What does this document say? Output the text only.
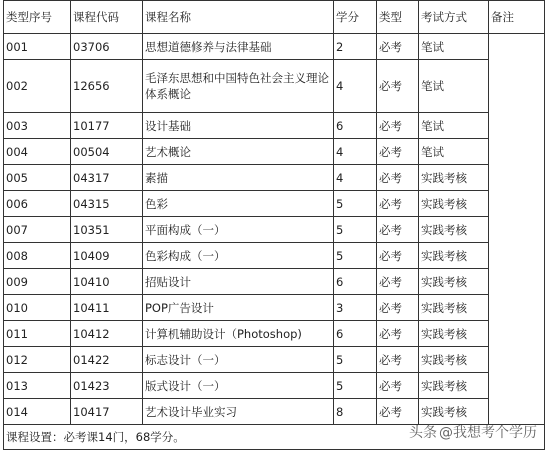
类型序号	课程代码	课程名称	学分	类型	考试方式	备注
001	03706	思想道德修养与法律基础	2	必考	笔试	
002	12656	毛泽东思想和中国特色社会主义理论体系概论	4	必考	笔试	
003	10177	设计基础	6	必考	笔试	
004	00504	艺术概论	4	必考	笔试	
005	04317	素描	4	必考	实践考核	
006	04315	色彩	5	必考	实践考核	
007	10351	平面构成（一）	5	必考	实践考核	
008	10409	色彩构成（一）	5	必考	实践考核	
009	10410	招贴设计	6	必考	实践考核	
010	10411	POP广告设计	3	必考	实践考核	
011	10412	计算机辅助设计（Photoshop)	6	必考	实践考核	
012	01422	标志设计（一）	5	必考	实践考核	
013	01423	版式设计（一）	5	必考	实践考核	
014	10417	艺术设计毕业实习	8	必考	实践考核	
课程设置：必考课14门，68学分。							头条 @我想考个学历
